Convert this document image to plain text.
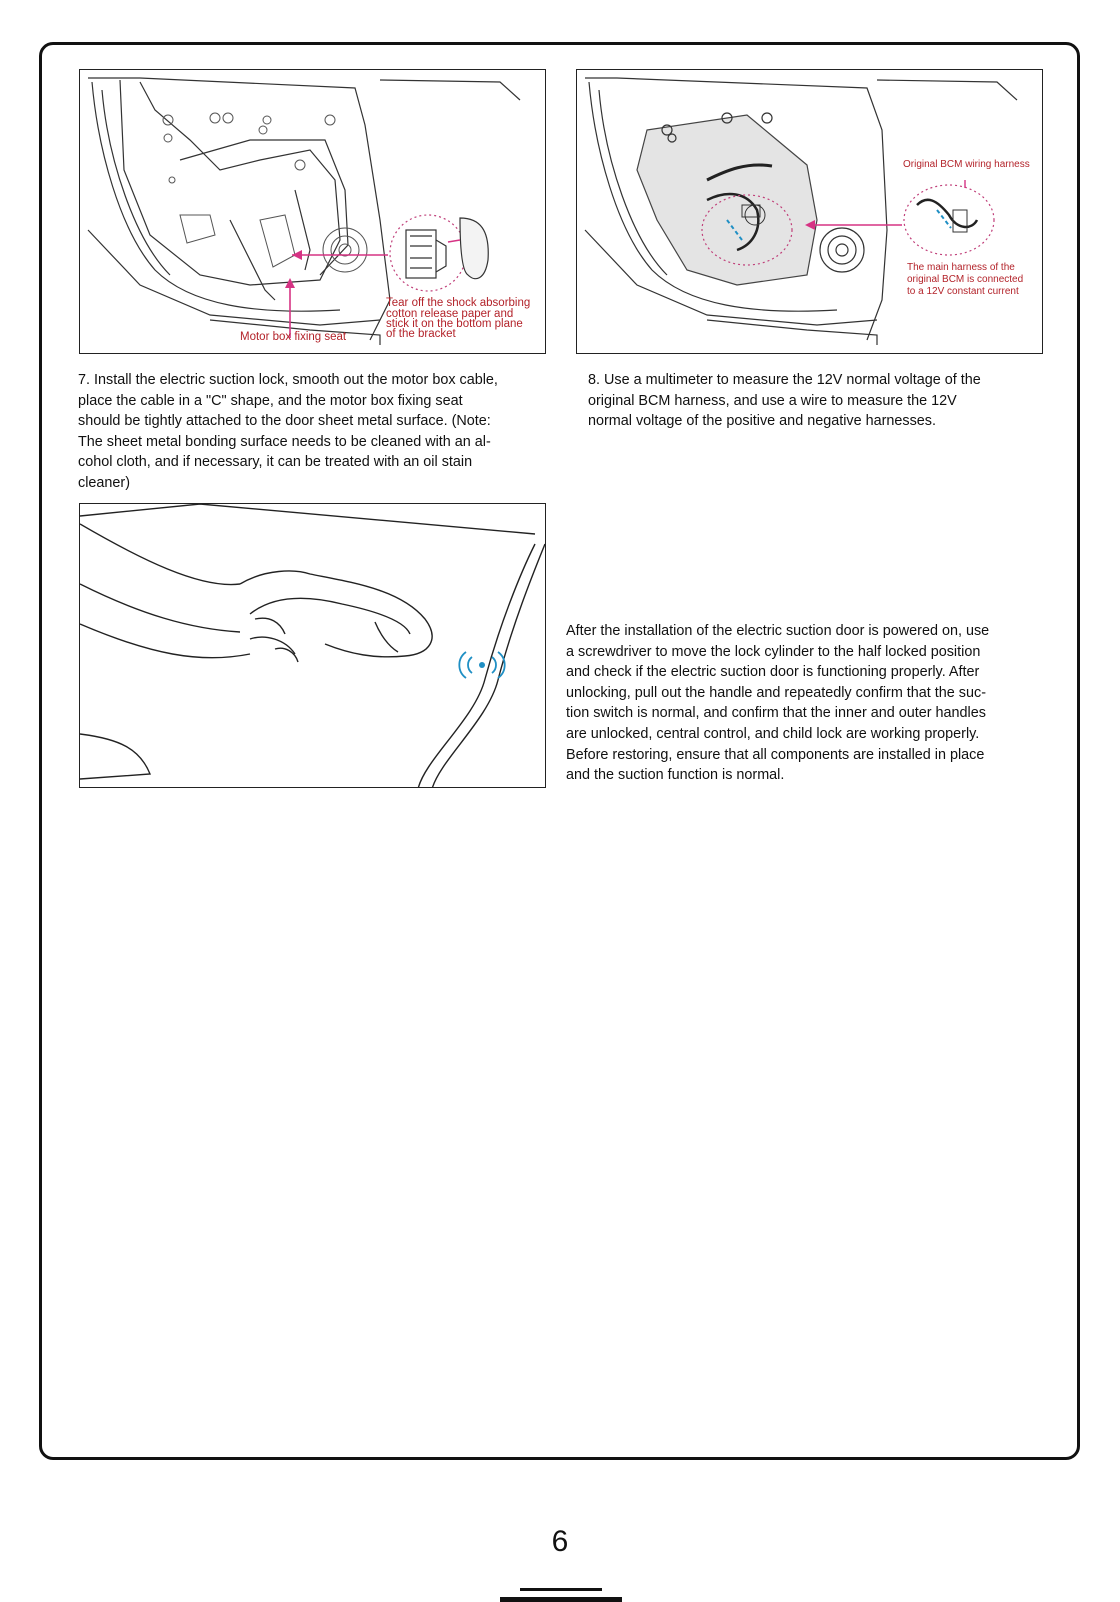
Motor box fixing seat
Tear off the shock absorbing
cotton release paper and
stick it on the bottom plane
of the bracket
Original BCM wiring harness
The main harness of the
original BCM is connected
to a 12V constant current
7. Install the electric suction lock, smooth out the motor box cable,
place the cable in a "C" shape, and the motor box fixing seat
should be tightly attached to the door sheet metal surface. (Note:
The sheet metal bonding surface needs to be cleaned with an al-
cohol cloth, and if necessary, it can be treated with an oil stain
cleaner)
8. Use a multimeter to measure the 12V normal voltage of the
original BCM harness, and use a wire to measure the 12V
normal voltage of the positive and negative harnesses.
After the installation of the electric suction door is powered on, use
a screwdriver to move the lock cylinder to the half locked position
and check if the electric suction door is functioning properly. After
unlocking, pull out the handle and repeatedly confirm that the suc-
tion switch is normal, and confirm that the inner and outer handles
are unlocked, central control, and child lock are working properly.
Before restoring, ensure that all components are installed in place
and the suction function is normal.
6
